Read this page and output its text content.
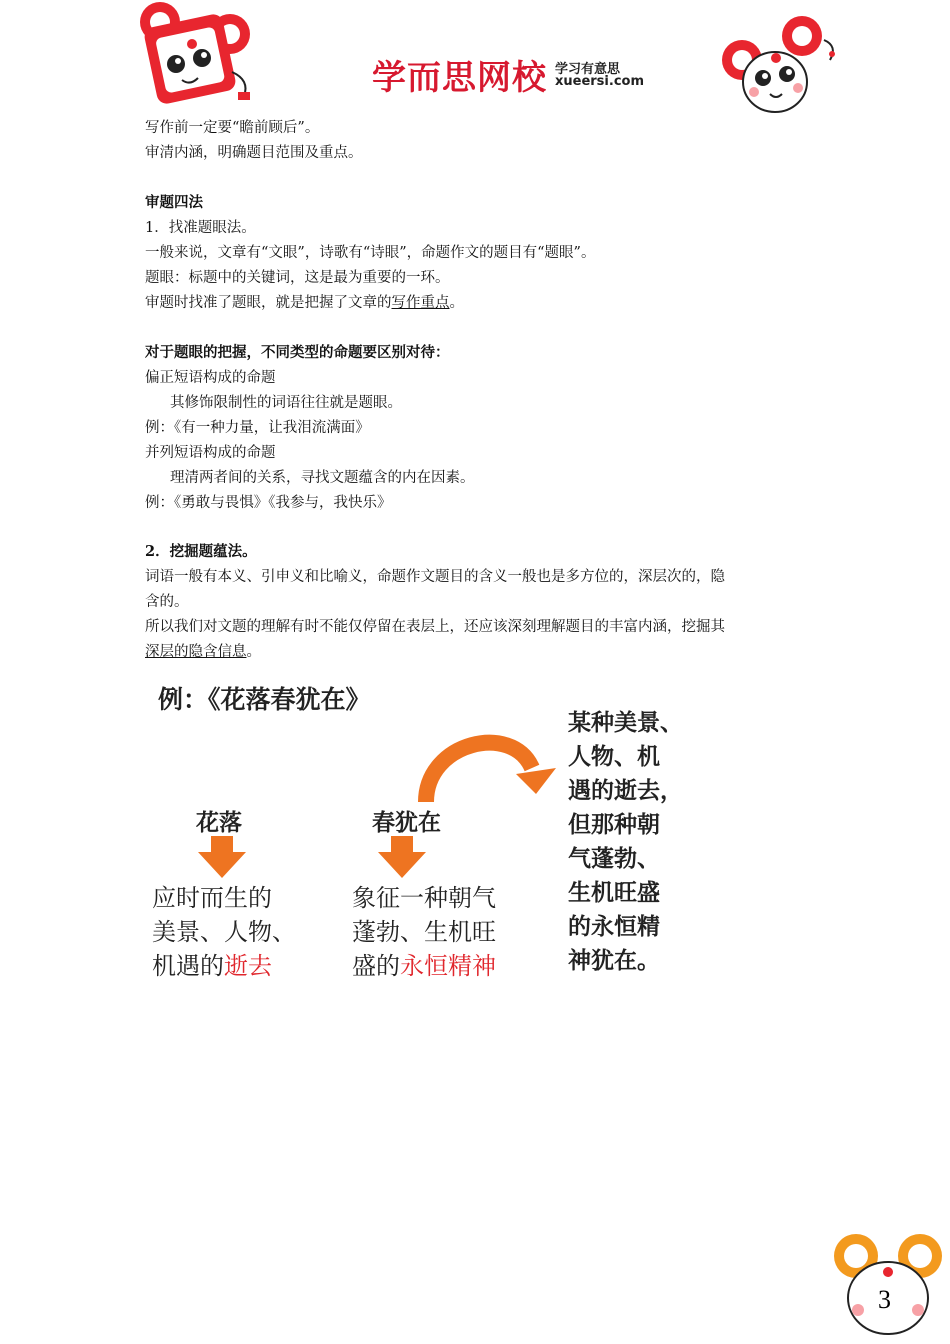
学而思网校 学习有意思
xueersi.com
写作前一定要“瞻前顾后”。
审清内涵，明确题目范围及重点。
审题四法
1．找准题眼法。
一般来说，文章有“文眼”，诗歌有“诗眼”，命题作文的题目有“题眼”。
题眼：标题中的关键词，这是最为重要的一环。
审题时找准了题眼，就是把握了文章的写作重点。
对于题眼的把握，不同类型的命题要区别对待：
偏正短语构成的命题
其修饰限制性的词语往往就是题眼。
例：《有一种力量，让我泪流满面》
并列短语构成的命题
理清两者间的关系，寻找文题蕴含的内在因素。
例：《勇敢与畏惧》《我参与，我快乐》
2．挖掘题蕴法。
词语一般有本义、引申义和比喻义，命题作文题目的含义一般也是多方位的，深层次的，隐
含的。
所以我们对文题的理解有时不能仅停留在表层上，还应该深刻理解题目的丰富内涵，挖掘其
深层的隐含信息。
例：《花落春犹在》
花落
应时而生的
美景、人物、
机遇的逝去
春犹在
象征一种朝气
蓬勃、生机旺
盛的永恒精神
某种美景、
人物、机
遇的逝去，
但那种朝
气蓬勃、
生机旺盛
的永恒精
神犹在。
3
